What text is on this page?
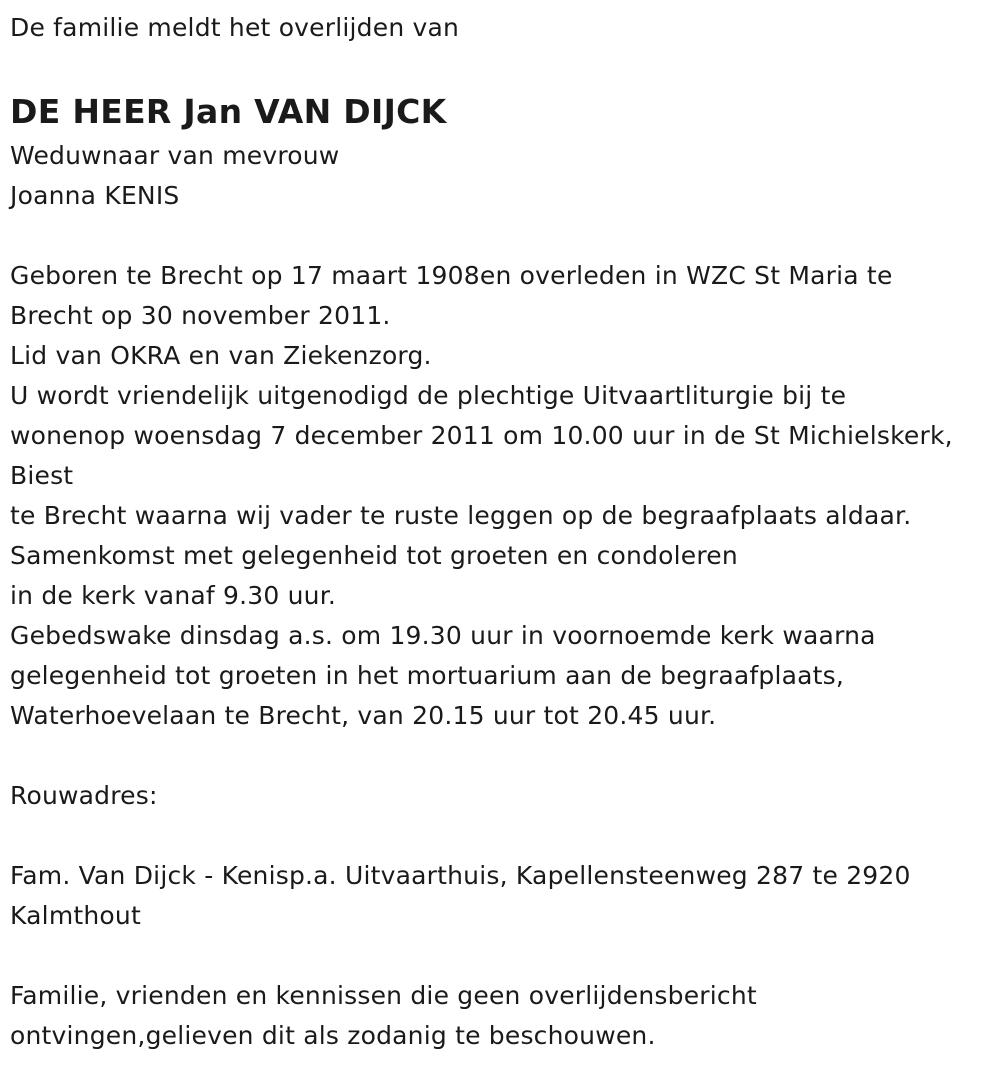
De familie meldt het overlijden van
DE HEER Jan VAN DIJCK
Weduwnaar van mevrouw
Joanna KENIS
Geboren te Brecht op 17 maart 1908en overleden in WZC St Maria te
Brecht op 30 november 2011.
Lid van OKRA en van Ziekenzorg.
U wordt vriendelijk uitgenodigd de plechtige Uitvaartliturgie bij te
wonenop woensdag 7 december 2011 om 10.00 uur in de St Michielskerk,
Biest
te Brecht waarna wij vader te ruste leggen op de begraafplaats aldaar.
Samenkomst met gelegenheid tot groeten en condoleren
in de kerk vanaf 9.30 uur.
Gebedswake dinsdag a.s. om 19.30 uur in voornoemde kerk waarna
gelegenheid tot groeten in het mortuarium aan de begraafplaats,
Waterhoevelaan te Brecht, van 20.15 uur tot 20.45 uur.
Rouwadres:
Fam. Van Dijck - Kenisp.a. Uitvaarthuis, Kapellensteenweg 287 te 2920
Kalmthout
Familie, vrienden en kennissen die geen overlijdensbericht
ontvingen,gelieven dit als zodanig te beschouwen.
